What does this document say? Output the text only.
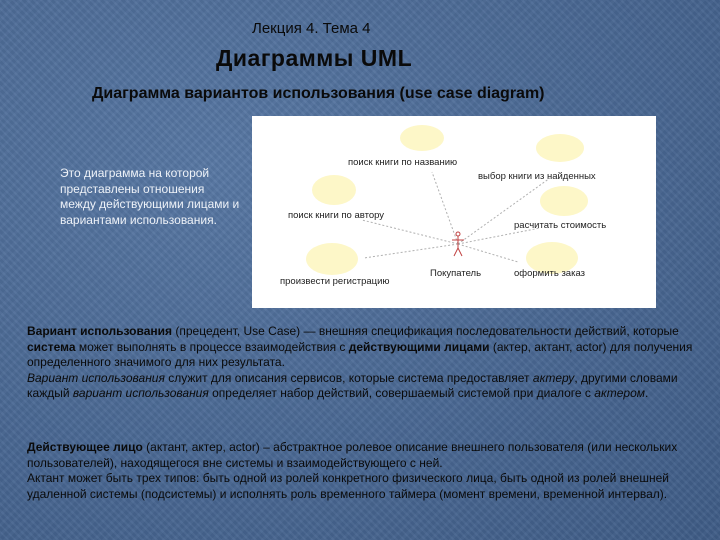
Лекция 4. Тема 4
Диаграммы UML
Диаграмма вариантов использования (use case diagram)
Это диаграмма на которой представлены отношения между действующими лицами и вариантами использования.
поиск книги по названию
выбор книги из найденных
поиск книги по автору
расчитать стоимость
произвести регистрацию
оформить заказ
Покупатель
Вариант использования (прецедент, Use Case) — внешняя спецификация последовательности действий, которые система может выполнять в процессе взаимодействия с действующими лицами (актер, актант, actor) для получения определенного значимого для них результата.
Вариант использования служит для описания сервисов, которые система предоставляет актеру, другими словами каждый вариант использования определяет набор действий, совершаемый системой при диалоге с актером.
Действующее лицо (актант, актер, actor) – абстрактное ролевое описание внешнего пользователя (или нескольких пользователей), находящегося вне системы и взаимодействующего с ней.
Актант может быть трех типов: быть одной из ролей конкретного физического лица, быть одной из ролей внешней удаленной системы (подсистемы) и исполнять роль временного таймера (момент времени, временной интервал).
